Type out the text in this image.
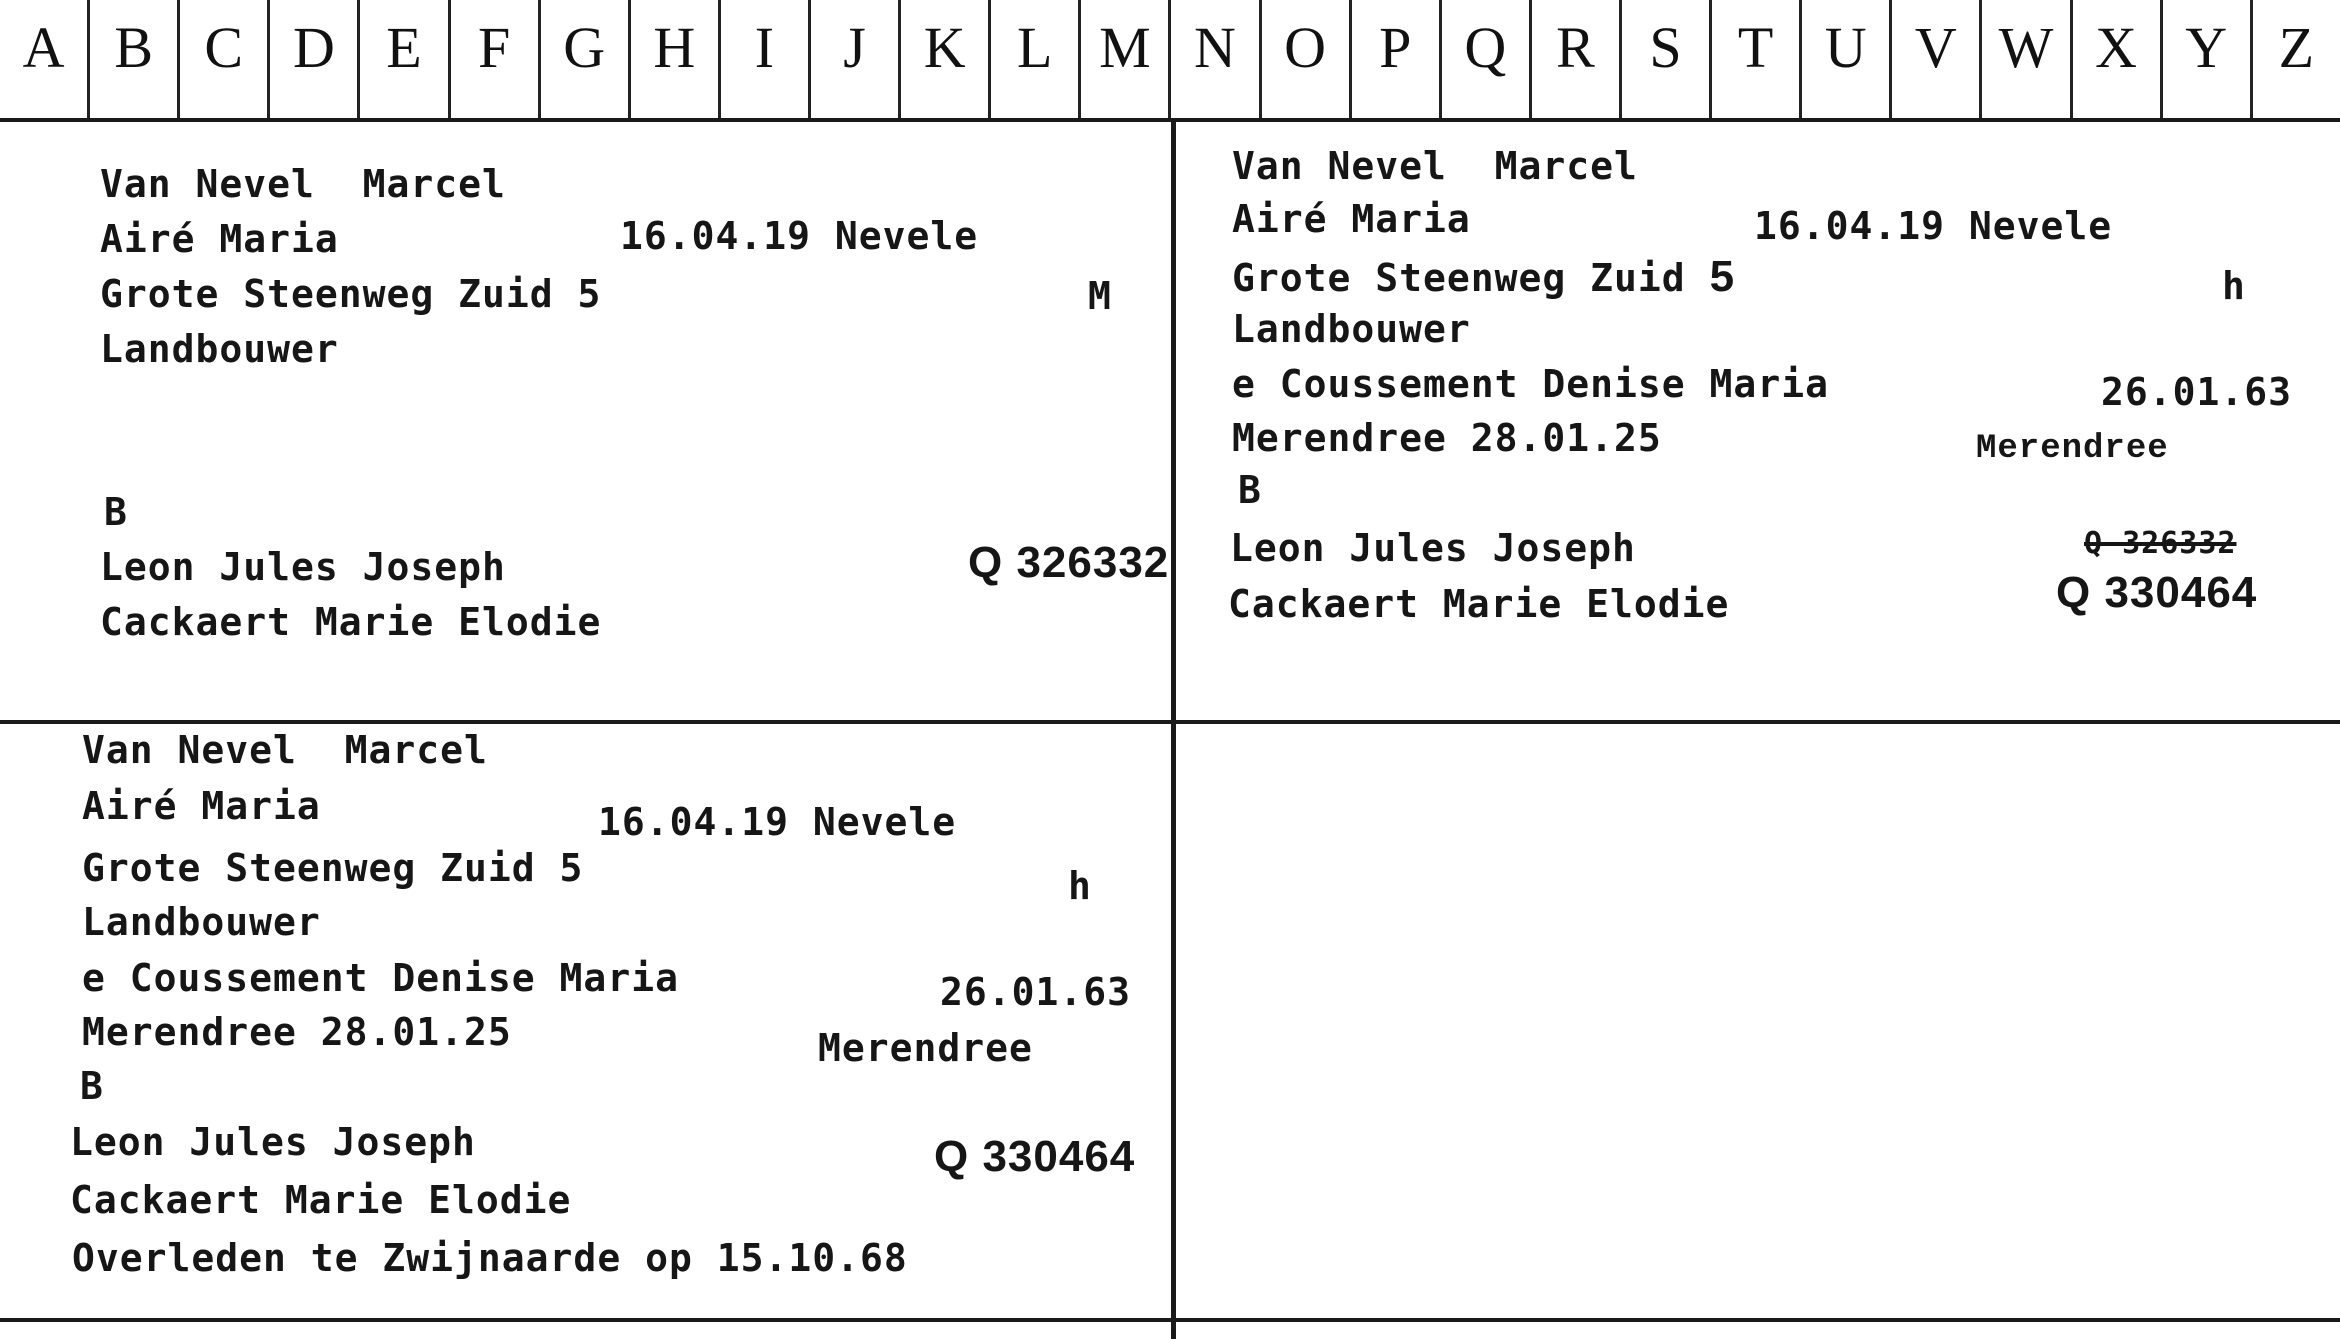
A B C D E F G H I J K L M N O P Q R S T U V W X Y Z
Van Nevel Marcel
Airé Maria	16.04.19 Nevele
Grote Steenweg Zuid 5	M
Landbouwer
B
Leon Jules Joseph	Q 326332
Cackaert Marie Elodie
Van Nevel Marcel
Airé Maria	16.04.19 Nevele
Grote Steenweg Zuid 5	h
Landbouwer
e Coussement Denise Maria	26.01.63
Merendree 28.01.25	Merendree
B
Leon Jules Joseph	Q 326332
Q 330464
Cackaert Marie Elodie
Van Nevel Marcel
Airé Maria	16.04.19 Nevele
Grote Steenweg Zuid 5	h
Landbouwer
e Coussement Denise Maria	26.01.63
Merendree 28.01.25	Merendree
B
Leon Jules Joseph	Q 330464
Cackaert Marie Elodie
Overleden te Zwijnaarde op 15.10.68
